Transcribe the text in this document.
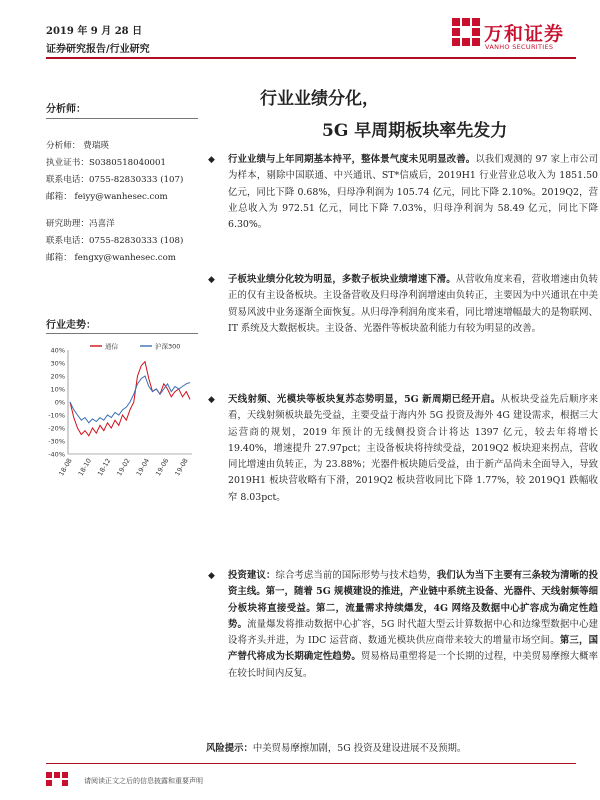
2019 年 9 月 28 日
证券研究报告/行业研究
万和证券
VANHO SECURITIES
行业业绩分化，
5G 早周期板块率先发力
分析师：
分析师： 费瑞瑛
执业证书：S0380518040001
联系电话：0755-82830333 (107)
邮箱： feiyy@wanhesec.com
研究助理：冯喜洋
联系电话：0755-82830333 (108)
邮箱： fengxy@wanhesec.com
行业走势：
40%
30%
20%
10%
0%
-10%
-20%
-30%
-40%
18-08 18-10 18-12 19-02 19-04 19-06 19-08
通信	沪深300
◆ 行业业绩与上年同期基本持平，整体景气度未见明显改善。以我们观测的 97 家上市公司为样本，剔除中国联通、中兴通讯、ST*信威后，2019H1 行业营业总收入为 1851.50 亿元，同比下降 0.68%，归母净利润为 105.74 亿元，同比下降 2.10%。2019Q2，营业总收入为 972.51 亿元，同比下降 7.03%，归母净利润为 58.49 亿元，同比下降 6.30%。
◆ 子板块业绩分化较为明显，多数子板块业绩增速下滑。从营收角度来看，营收增速由负转正的仅有主设备板块。主设备营收及归母净利润增速由负转正，主要因为中兴通讯在中美贸易风波中业务逐渐全面恢复。从归母净利润角度来看，同比增速增幅最大的是物联网、IT 系统及大数据板块。主设备、光器件等板块盈利能力有较为明显的改善。
◆ 天线射频、光模块等板块复苏态势明显，5G 新周期已经开启。从板块受益先后顺序来看，天线射频板块最先受益，主要受益于海内外 5G 投资及海外 4G 建设需求，根据三大运营商的规划，2019 年预计的无线侧投资合计将达 1397 亿元，较去年将增长 19.40%，增速提升 27.97pct；主设备板块将持续受益，2019Q2 板块迎来拐点，营收同比增速由负转正，为 23.88%；光器件板块随后受益，由于新产品尚未全面导入，导致 2019H1 板块营收略有下滑，2019Q2 板块营收同比下降 1.77%，较 2019Q1 跌幅收窄 8.03pct。
◆ 投资建议：综合考虑当前的国际形势与技术趋势，我们认为当下主要有三条较为清晰的投资主线。第一，随着 5G 规模建设的推进，产业链中系统主设备、光器件、天线射频等细分板块将直接受益。第二，流量需求持续爆发，4G 网络及数据中心扩容成为确定性趋势。流量爆发将推动数据中心扩容，5G 时代超大型云计算数据中心和边缘型数据中心建设将齐头并进，为 IDC 运营商、数通光模块供应商带来较大的增量市场空间。第三，国产替代将成为长期确定性趋势。贸易格局重塑将是一个长期的过程，中美贸易摩擦大概率在较长时间内反复。
风险提示：中美贸易摩擦加剧，5G 投资及建设进展不及预期。
请阅读正文之后的信息披露和重要声明
